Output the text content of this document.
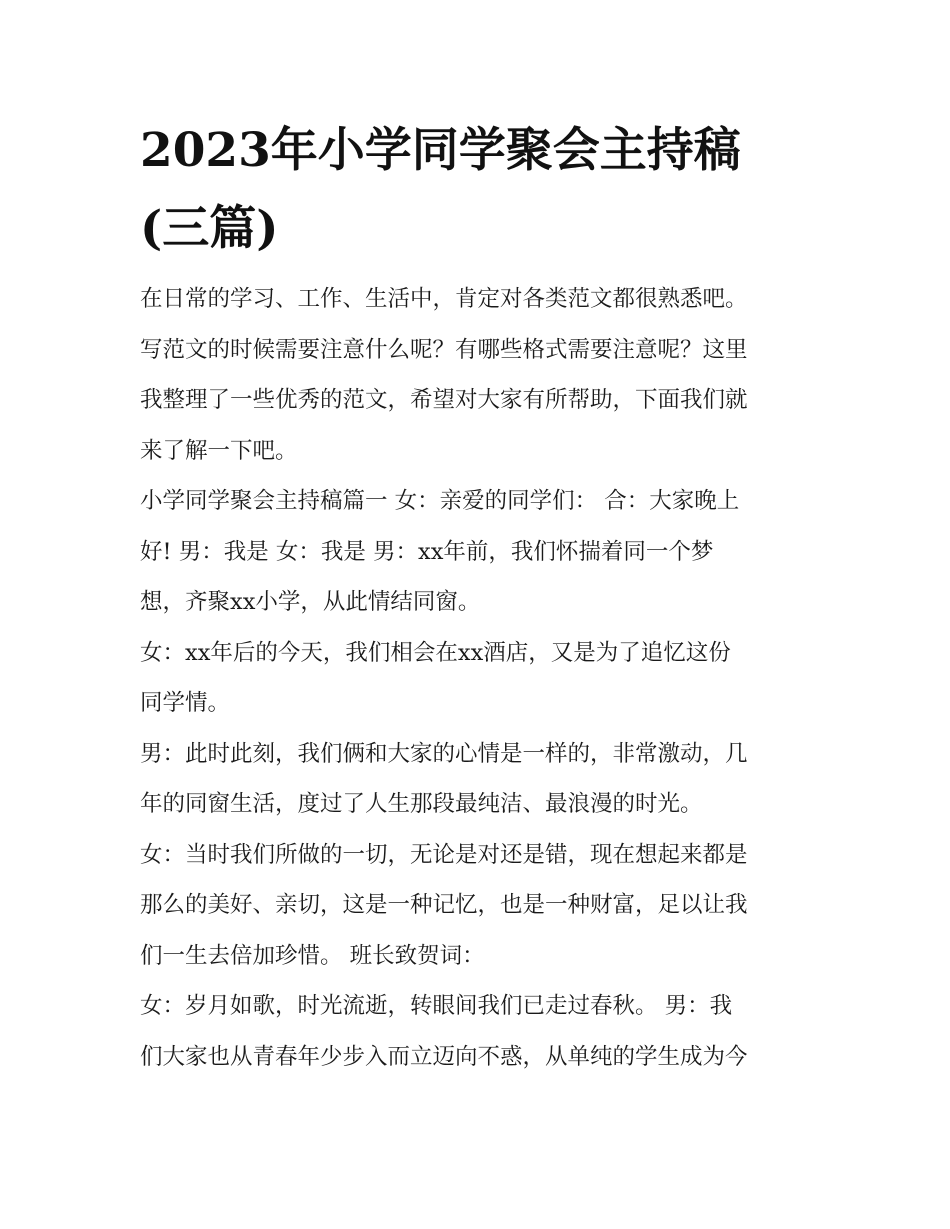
2023年小学同学聚会主持稿
(三篇)
在日常的学习、工作、生活中，肯定对各类范文都很熟悉吧。
写范文的时候需要注意什么呢？有哪些格式需要注意呢？这里
我整理了一些优秀的范文，希望对大家有所帮助，下面我们就
来了解一下吧。
小学同学聚会主持稿篇一 女：亲爱的同学们： 合：大家晚上
好! 男：我是 女：我是 男：xx年前，我们怀揣着同一个梦
想，齐聚xx小学，从此情结同窗。
女：xx年后的今天，我们相会在xx酒店，又是为了追忆这份
同学情。
男：此时此刻，我们俩和大家的心情是一样的，非常激动，几
年的同窗生活，度过了人生那段最纯洁、最浪漫的时光。
女：当时我们所做的一切，无论是对还是错，现在想起来都是
那么的美好、亲切，这是一种记忆，也是一种财富，足以让我
们一生去倍加珍惜。 班长致贺词：
女：岁月如歌，时光流逝，转眼间我们已走过春秋。 男：我
们大家也从青春年少步入而立迈向不惑，从单纯的学生成为今
